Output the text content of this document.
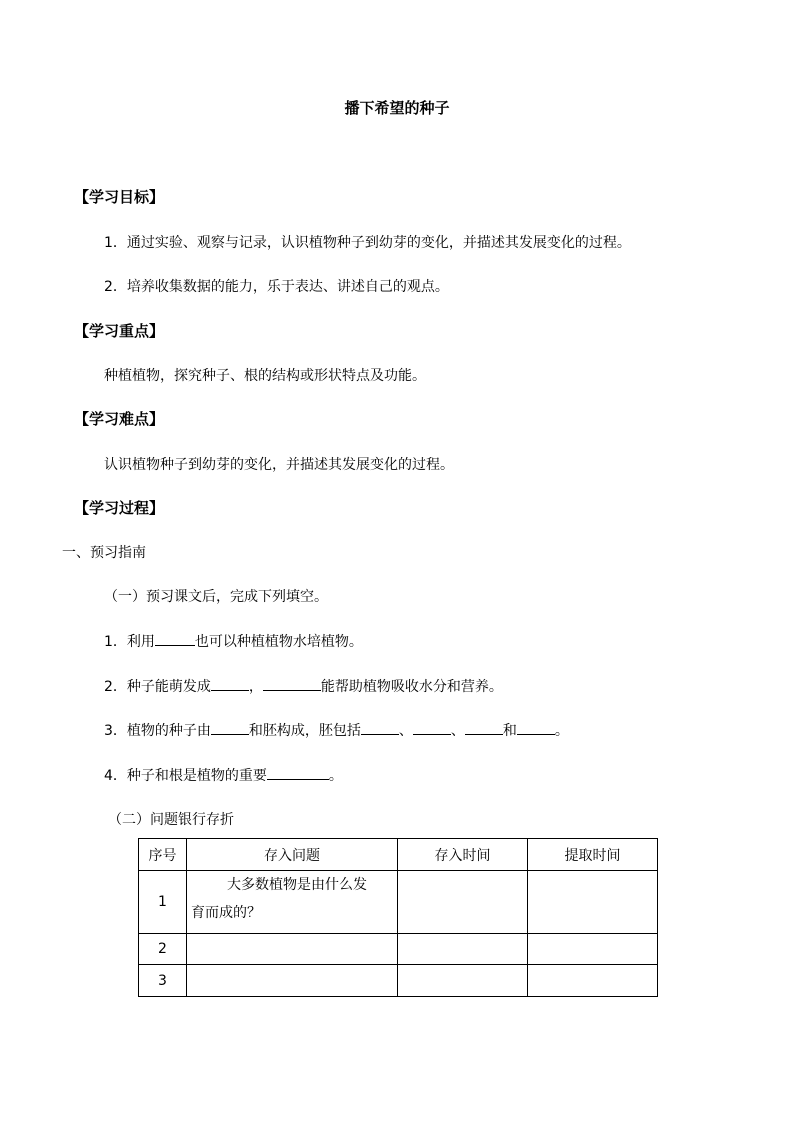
播下希望的种子
【学习目标】
1．通过实验、观察与记录，认识植物种子到幼芽的变化，并描述其发展变化的过程。
2．培养收集数据的能力，乐于表达、讲述自己的观点。
【学习重点】
种植植物，探究种子、根的结构或形状特点及功能。
【学习难点】
认识植物种子到幼芽的变化，并描述其发展变化的过程。
【学习过程】
一、预习指南
（一）预习课文后，完成下列填空。
1．利用	也可以种植植物水培植物。
2．种子能萌发成	，	能帮助植物吸收水分和营养。
3．植物的种子由	和胚构成，胚包括	、	、	和	。
4．种子和根是植物的重要	。
（二）问题银行存折
序号	存入问题	存入时间	提取时间
1	大多数植物是由什么发
育而成的？		

2			
3			
